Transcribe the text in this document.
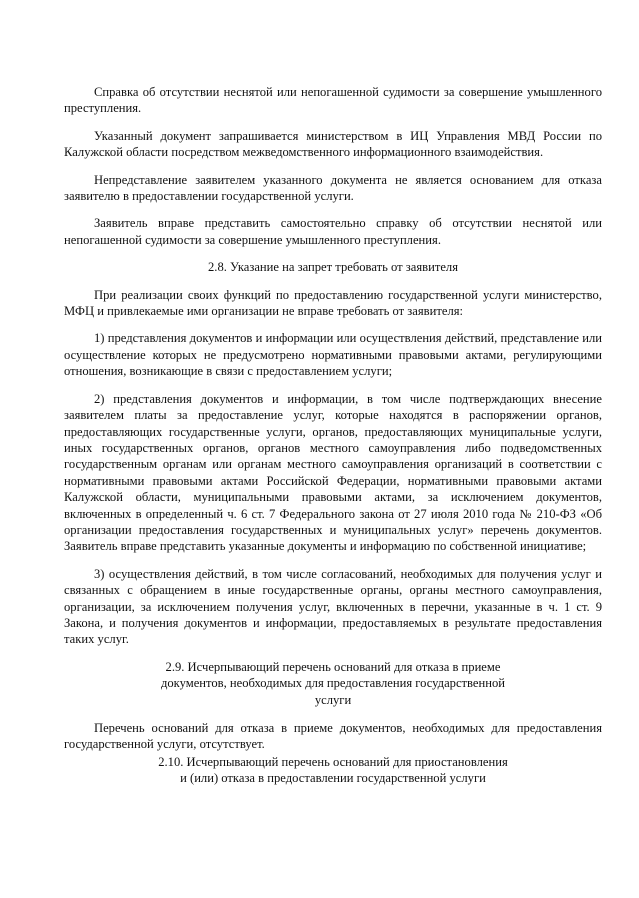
Справка об отсутствии неснятой или непогашенной судимости за совершение умышленного преступления.

Указанный документ запрашивается министерством в ИЦ Управления МВД России по Калужской области посредством межведомственного информационного взаимодействия.

Непредставление заявителем указанного документа не является основанием для отказа заявителю в предоставлении государственной услуги.

Заявитель вправе представить самостоятельно справку об отсутствии неснятой или непогашенной судимости за совершение умышленного преступления.

2.8. Указание на запрет требовать от заявителя

При реализации своих функций по предоставлению государственной услуги министерство, МФЦ и привлекаемые ими организации не вправе требовать от заявителя:

1) представления документов и информации или осуществления действий, представление или осуществление которых не предусмотрено нормативными правовыми актами, регулирующими отношения, возникающие в связи с предоставлением услуги;

2) представления документов и информации, в том числе подтверждающих внесение заявителем платы за предоставление услуг, которые находятся в распоряжении органов, предоставляющих государственные услуги, органов, предоставляющих муниципальные услуги, иных государственных органов, органов местного самоуправления либо подведомственных государственным органам или органам местного самоуправления организаций в соответствии с нормативными правовыми актами Российской Федерации, нормативными правовыми актами Калужской области, муниципальными правовыми актами, за исключением документов, включенных в определенный ч. 6 ст. 7 Федерального закона от 27 июля 2010 года № 210-ФЗ «Об организации предоставления государственных и муниципальных услуг» перечень документов. Заявитель вправе представить указанные документы и информацию по собственной инициативе;

3) осуществления действий, в том числе согласований, необходимых для получения услуг и связанных с обращением в иные государственные органы, органы местного самоуправления, организации, за исключением получения услуг, включенных в перечни, указанные в ч. 1 ст. 9 Закона, и получения документов и информации, предоставляемых в результате предоставления таких услуг.

2.9. Исчерпывающий перечень оснований для отказа в приеме
документов, необходимых для предоставления государственной
услуги

Перечень оснований для отказа в приеме документов, необходимых для предоставления государственной услуги, отсутствует.

2.10. Исчерпывающий перечень оснований для приостановления
и (или) отказа в предоставлении государственной услуги
